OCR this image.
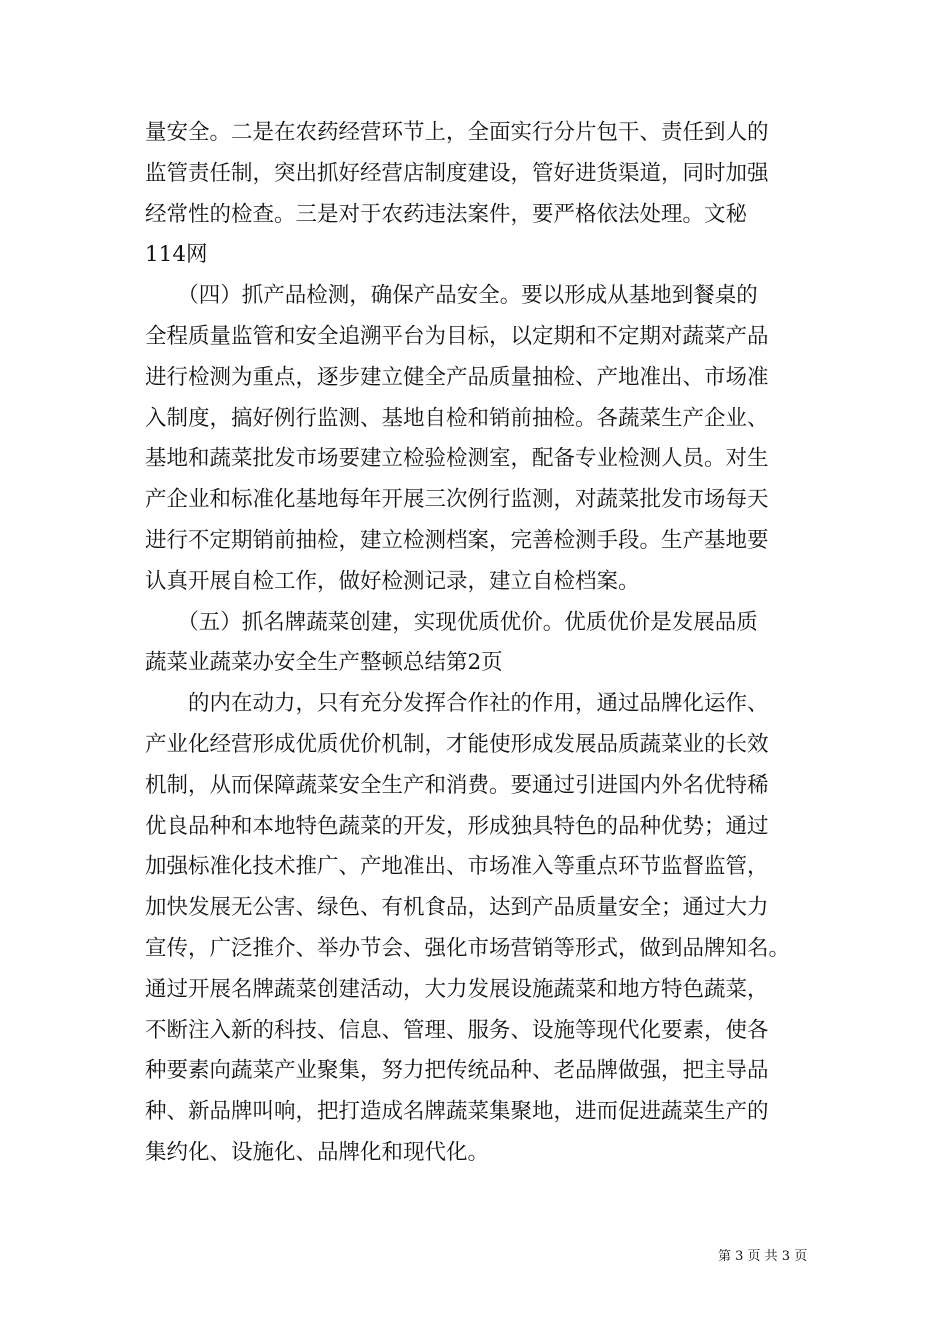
量安全。二是在农药经营环节上，全面实行分片包干、责任到人的
监管责任制，突出抓好经营店制度建设，管好进货渠道，同时加强
经常性的检查。三是对于农药违法案件，要严格依法处理。文秘
114网
　　（四）抓产品检测，确保产品安全。要以形成从基地到餐桌的
全程质量监管和安全追溯平台为目标，以定期和不定期对蔬菜产品
进行检测为重点，逐步建立健全产品质量抽检、产地准出、市场准
入制度，搞好例行监测、基地自检和销前抽检。各蔬菜生产企业、
基地和蔬菜批发市场要建立检验检测室，配备专业检测人员。对生
产企业和标准化基地每年开展三次例行监测，对蔬菜批发市场每天
进行不定期销前抽检，建立检测档案，完善检测手段。生产基地要
认真开展自检工作，做好检测记录，建立自检档案。
　　（五）抓名牌蔬菜创建，实现优质优价。优质优价是发展品质
蔬菜业蔬菜办安全生产整顿总结第2页
　　的内在动力，只有充分发挥合作社的作用，通过品牌化运作、
产业化经营形成优质优价机制，才能使形成发展品质蔬菜业的长效
机制，从而保障蔬菜安全生产和消费。要通过引进国内外名优特稀
优良品种和本地特色蔬菜的开发，形成独具特色的品种优势；通过
加强标准化技术推广、产地准出、市场准入等重点环节监督监管，
加快发展无公害、绿色、有机食品，达到产品质量安全；通过大力
宣传，广泛推介、举办节会、强化市场营销等形式，做到品牌知名。
通过开展名牌蔬菜创建活动，大力发展设施蔬菜和地方特色蔬菜，
不断注入新的科技、信息、管理、服务、设施等现代化要素，使各
种要素向蔬菜产业聚集，努力把传统品种、老品牌做强，把主导品
种、新品牌叫响，把打造成名牌蔬菜集聚地，进而促进蔬菜生产的
集约化、设施化、品牌化和现代化。
第 3 页 共 3 页
